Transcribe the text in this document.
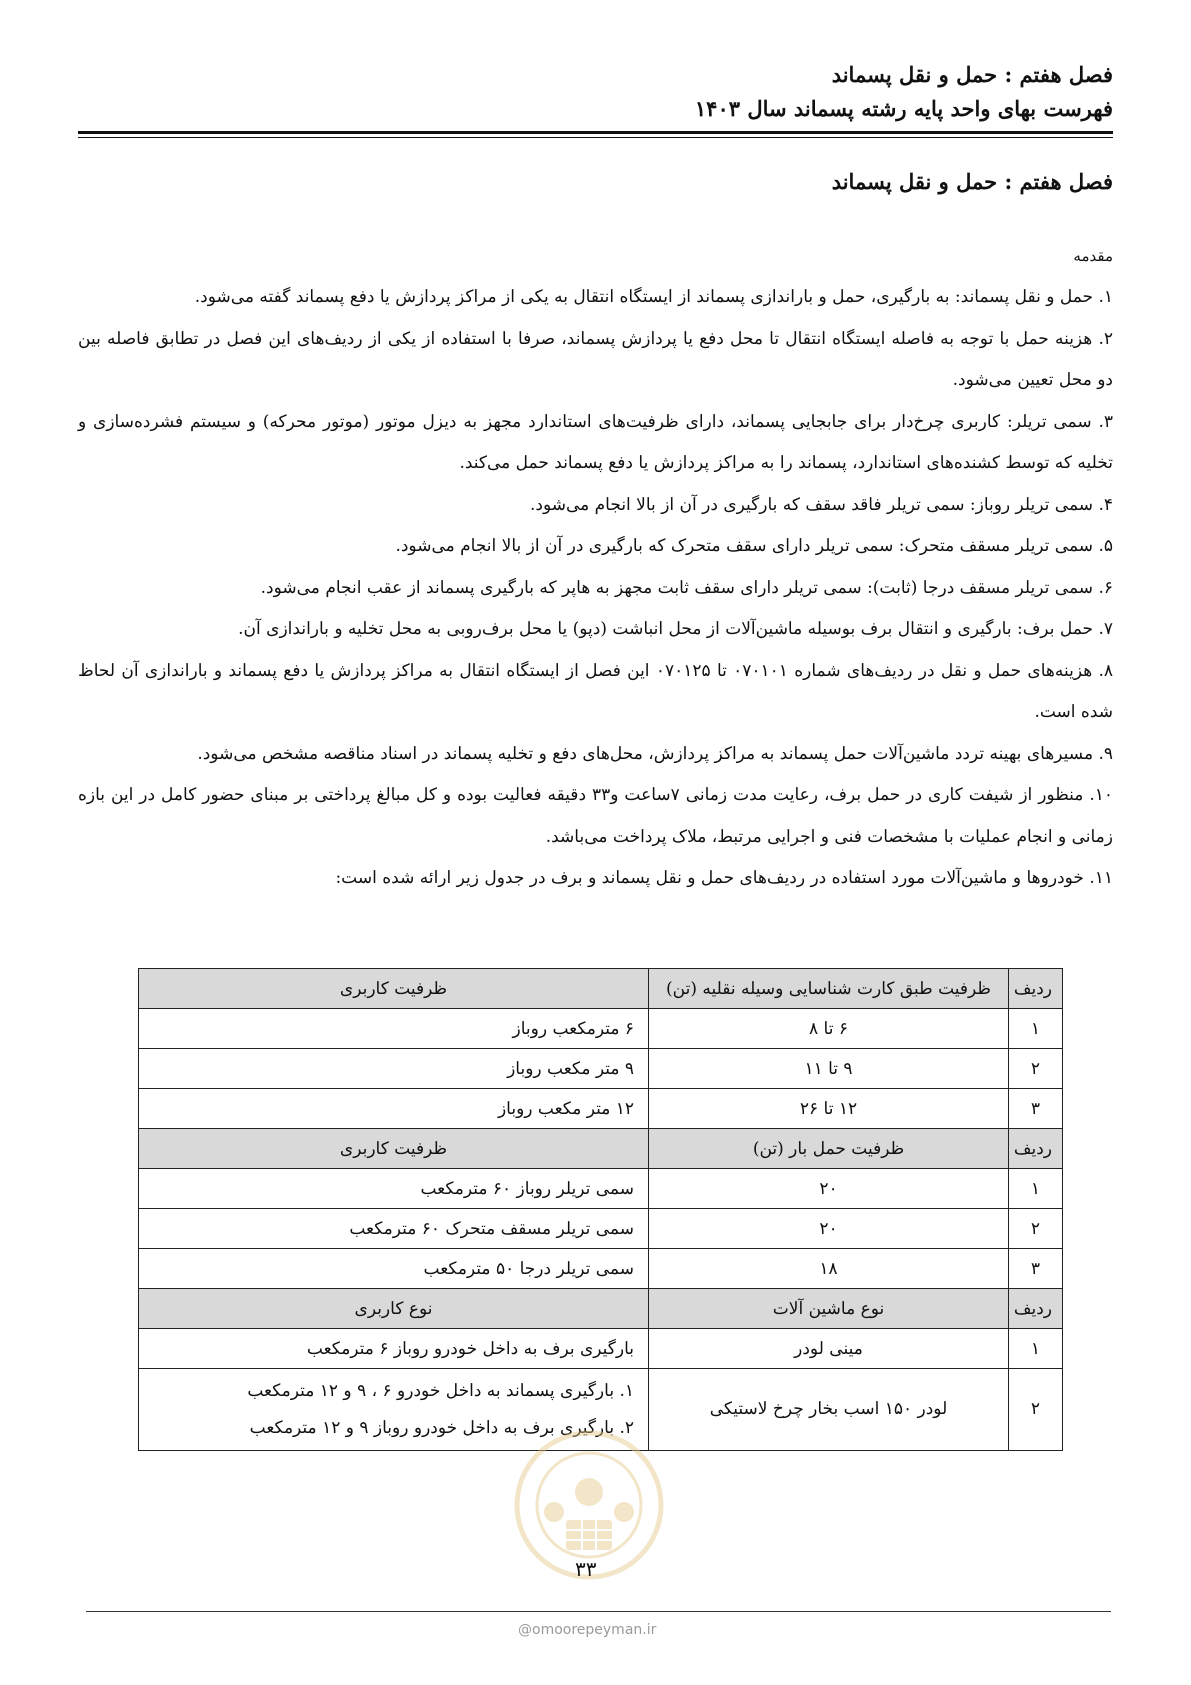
فصل هفتم : حمل و نقل پسماند
فهرست بهای واحد پایه رشته پسماند سال ۱۴۰۳
فصل هفتم : حمل و نقل پسماند
مقدمه

۱. حمل و نقل پسماند: به بارگیری، حمل و باراندازی پسماند از ایستگاه انتقال به یکی از مراکز پردازش یا دفع پسماند گفته می‌شود.

۲. هزینه حمل با توجه به فاصله ایستگاه انتقال تا محل دفع یا پردازش پسماند، صرفا با استفاده از یکی از ردیف‌های این فصل در تطابق فاصله بین دو محل تعیین می‌شود.

۳. سمی تریلر: کاربری چرخ‌دار برای جابجایی پسماند، دارای ظرفیت‌های استاندارد مجهز به دیزل موتور (موتور محرکه) و سیستم فشرده‌سازی و تخلیه که توسط کشنده‌های استاندارد، پسماند را به مراکز پردازش یا دفع پسماند حمل می‌کند.

۴. سمی تریلر روباز: سمی تریلر فاقد سقف که بارگیری در آن از بالا انجام می‌شود.

۵. سمی تریلر مسقف متحرک: سمی تریلر دارای سقف متحرک که بارگیری در آن از بالا انجام می‌شود.

۶. سمی تریلر مسقف درجا (ثابت): سمی تریلر دارای سقف ثابت مجهز به هاپر که بارگیری پسماند از عقب انجام می‌شود.

۷. حمل برف: بارگیری و انتقال برف بوسیله ماشین‌آلات از محل انباشت (دپو) یا محل برف‌روبی به محل تخلیه و باراندازی آن.

۸. هزینه‌های حمل و نقل در ردیف‌های شماره ۰۷۰۱۰۱ تا ۰۷۰۱۲۵ این فصل از ایستگاه انتقال به مراکز پردازش یا دفع پسماند و باراندازی آن لحاظ شده است.

۹. مسیرهای بهینه تردد ماشین‌آلات حمل پسماند به مراکز پردازش، محل‌های دفع و تخلیه پسماند در اسناد مناقصه مشخص می‌شود.

۱۰. منظور از شیفت کاری در حمل برف، رعایت مدت زمانی ۷ساعت و۳۳ دقیقه فعالیت بوده و کل مبالغ پرداختی بر مبنای حضور کامل در این بازه زمانی و انجام عملیات با مشخصات فنی و اجرایی مرتبط، ملاک پرداخت می‌باشد.

۱۱. خودروها و ماشین‌آلات مورد استفاده در ردیف‌های حمل و نقل پسماند و برف در جدول زیر ارائه شده است:

ردیف	ظرفیت طبق کارت شناسایی وسیله نقلیه (تن)	ظرفیت کاربری
۱	۶ تا ۸	۶ مترمکعب روباز
۲	۹ تا ۱۱	۹ متر مکعب روباز
۳	۱۲ تا ۲۶	۱۲ متر مکعب روباز
ردیف	ظرفیت حمل بار (تن)	ظرفیت کاربری
۱	۲۰	سمی تریلر روباز ۶۰ مترمکعب
۲	۲۰	سمی تریلر مسقف متحرک ۶۰ مترمکعب
۳	۱۸	سمی تریلر درجا ۵۰ مترمکعب
ردیف	نوع ماشین آلات	نوع کاربری
۱	مینی لودر	بارگیری برف به داخل خودرو روباز ۶ مترمکعب
۲	لودر ۱۵۰ اسب بخار چرخ لاستیکی	۱. بارگیری پسماند به داخل خودرو ۶ ، ۹ و ۱۲ مترمکعب
۲. بارگیری برف به داخل خودرو روباز ۹ و ۱۲ مترمکعب
۳۳
@omoorepeyman.ir
